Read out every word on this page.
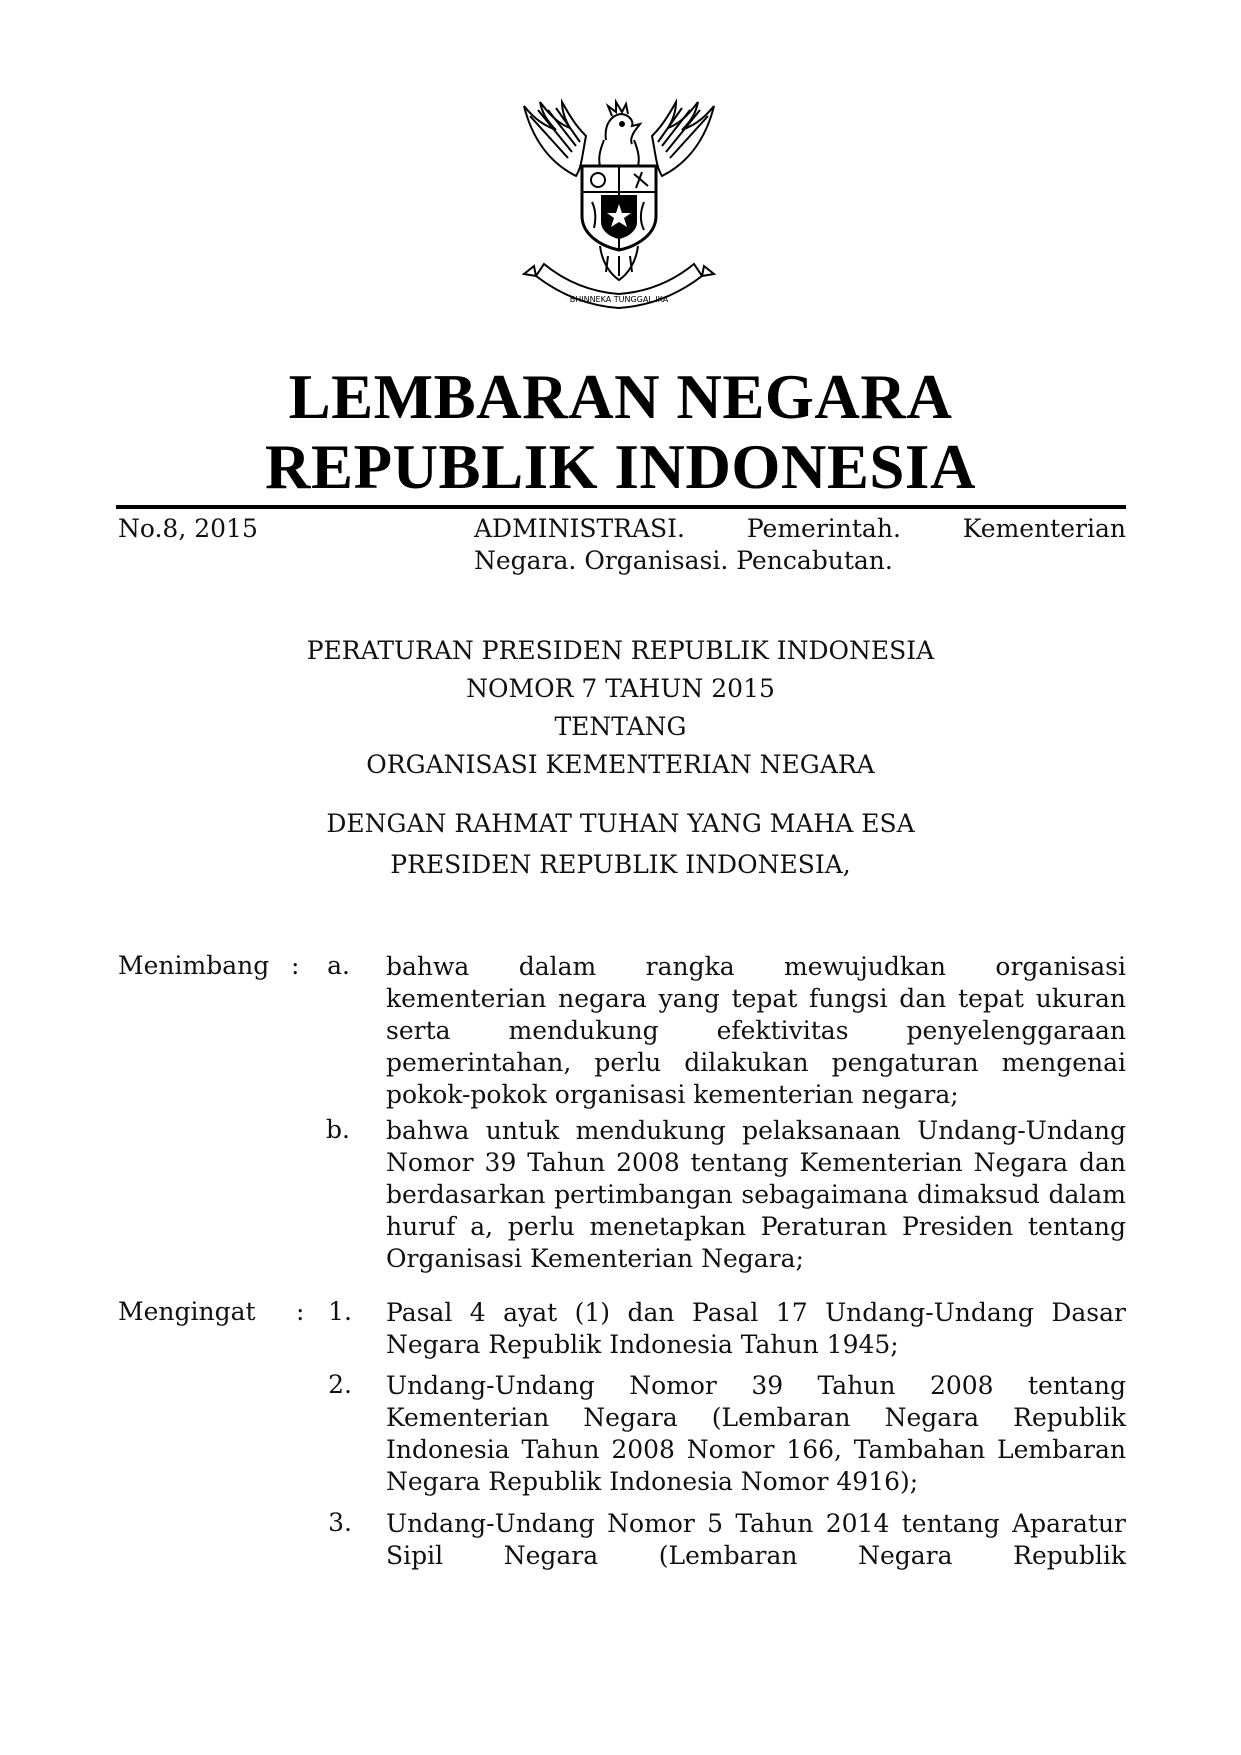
BHINNEKA TUNGGAL IKA
LEMBARAN NEGARA
REPUBLIK INDONESIA
No.8, 2015	ADMINISTRASI. Pemerintah. Kementerian
Negara. Organisasi. Pencabutan.
PERATURAN PRESIDEN REPUBLIK INDONESIA
NOMOR 7 TAHUN 2015
TENTANG
ORGANISASI KEMENTERIAN NEGARA
DENGAN RAHMAT TUHAN YANG MAHA ESA
PRESIDEN REPUBLIK INDONESIA,
Menimbang :	a. bahwa dalam rangka mewujudkan organisasi kementerian negara yang tepat fungsi dan tepat ukuran serta mendukung efektivitas penyelenggaraan pemerintahan, perlu dilakukan pengaturan mengenai pokok-pokok organisasi kementerian negara;
b. bahwa untuk mendukung pelaksanaan Undang-Undang Nomor 39 Tahun 2008 tentang Kementerian Negara dan berdasarkan pertimbangan sebagaimana dimaksud dalam huruf a, perlu menetapkan Peraturan Presiden tentang Organisasi Kementerian Negara;
Mengingat : 1. Pasal 4 ayat (1) dan Pasal 17 Undang-Undang Dasar Negara Republik Indonesia Tahun 1945;
2. Undang-Undang Nomor 39 Tahun 2008 tentang Kementerian Negara (Lembaran Negara Republik Indonesia Tahun 2008 Nomor 166, Tambahan Lembaran Negara Republik Indonesia Nomor 4916);
3. Undang-Undang Nomor 5 Tahun 2014 tentang Aparatur Sipil Negara (Lembaran Negara Republik
